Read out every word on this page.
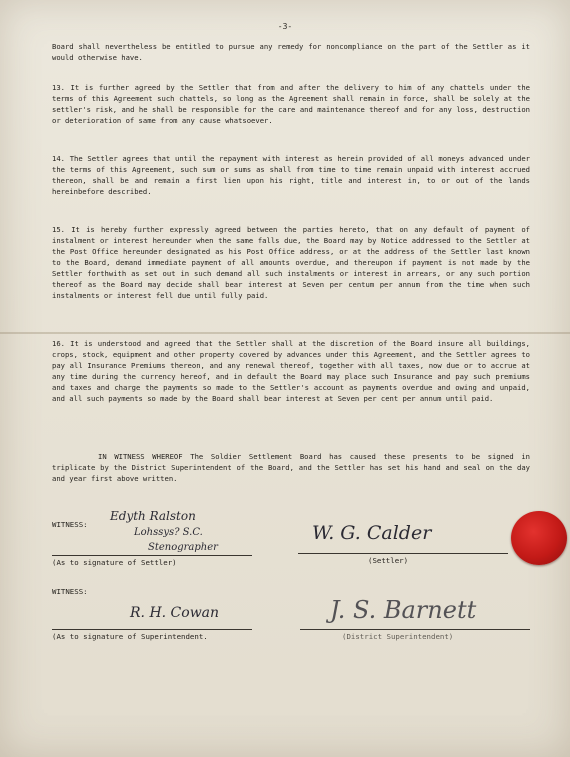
-3-
Board shall nevertheless be entitled to pursue any remedy for noncompliance on the part of the Settler as it would otherwise have.
13. It is further agreed by the Settler that from and after the delivery to him of any chattels under the terms of this Agreement such chattels, so long as the Agreement shall remain in force, shall be solely at the settler's risk, and he shall be responsible for the care and maintenance thereof and for any loss, destruction or deterioration of same from any cause whatsoever.
14. The Settler agrees that until the repayment with interest as herein provided of all moneys advanced under the terms of this Agreement, such sum or sums as shall from time to time remain unpaid with interest accrued thereon, shall be and remain a first lien upon his right, title and interest in, to or out of the lands hereinbefore described.
15. It is hereby further expressly agreed between the parties hereto, that on any default of payment of instalment or interest hereunder when the same falls due, the Board may by Notice addressed to the Settler at the Post Office hereunder designated as his Post Office address, or at the address of the Settler last known to the Board, demand immediate payment of all amounts overdue, and thereupon if payment is not made by the Settler forthwith as set out in such demand all such instalments or interest in arrears, or any such portion thereof as the Board may decide shall bear interest at Seven per centum per annum from the time when such instalments or interest fell due until fully paid.
16. It is understood and agreed that the Settler shall at the discretion of the Board insure all buildings, crops, stock, equipment and other property covered by advances under this Agreement, and the Settler agrees to pay all Insurance Premiums thereon, and any renewal thereof, together with all taxes, now due or to accrue at any time during the currency hereof, and in default the Board may place such Insurance and pay such premiums and taxes and charge the payments so made to the Settler's account as payments overdue and owing and unpaid, and all such payments so made by the Board shall bear interest at Seven per cent per annum until paid.
IN WITNESS WHEREOF The Soldier Settlement Board has caused these presents to be signed in triplicate by the District Superintendent of the Board, and the Settler has set his hand and seal on the day and year first above written.
WITNESS:
Edyth Ralston
Lohssys? S.C.
Stenographer
(As to signature of Settler)
W. G. Calder
(Settler)
WITNESS:
R. H. Cowan
(As to signature of Superintendent.
J. S. Barnett
(District Superintendent)
